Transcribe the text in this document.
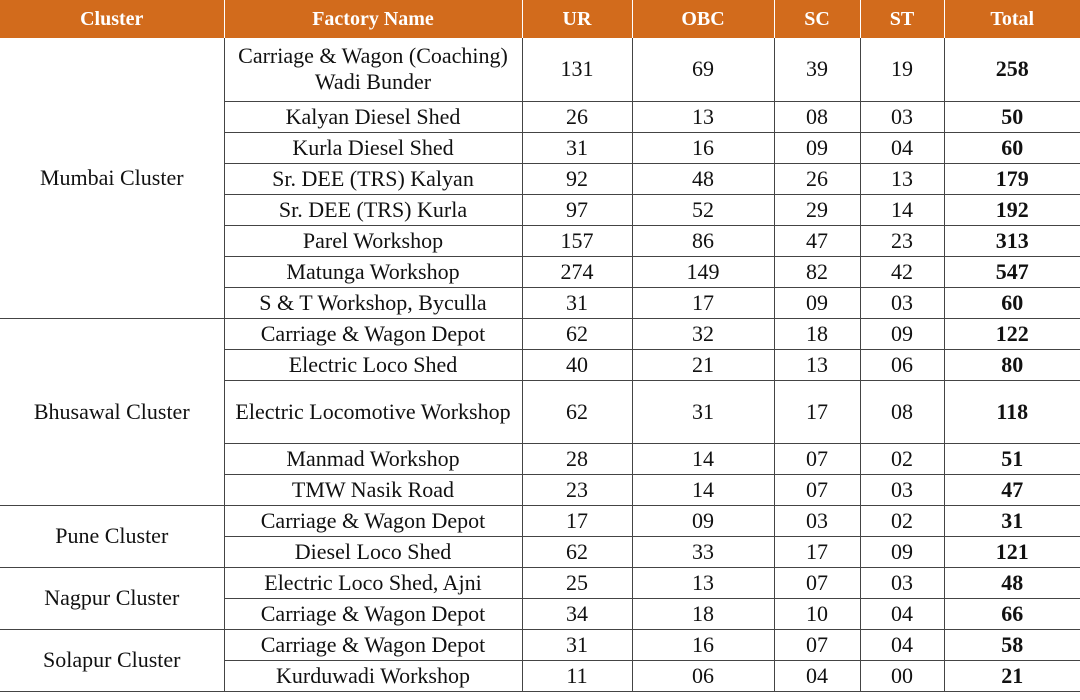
Cluster	Factory Name	UR	OBC	SC	ST	Total
Mumbai Cluster	Carriage & Wagon (Coaching) Wadi Bunder	131	69	39	19	258
	Kalyan Diesel Shed	26	13	08	03	50
	Kurla Diesel Shed	31	16	09	04	60
	Sr. DEE (TRS) Kalyan	92	48	26	13	179
	Sr. DEE (TRS) Kurla	97	52	29	14	192
	Parel Workshop	157	86	47	23	313
	Matunga Workshop	274	149	82	42	547
	S & T Workshop, Byculla	31	17	09	03	60
Bhusawal Cluster	Carriage & Wagon Depot	62	32	18	09	122
	Electric Loco Shed	40	21	13	06	80
	Electric Locomotive Workshop	62	31	17	08	118
	Manmad Workshop	28	14	07	02	51
	TMW Nasik Road	23	14	07	03	47
Pune Cluster	Carriage & Wagon Depot	17	09	03	02	31
	Diesel Loco Shed	62	33	17	09	121
Nagpur Cluster	Electric Loco Shed, Ajni	25	13	07	03	48
	Carriage & Wagon Depot	34	18	10	04	66
Solapur Cluster	Carriage & Wagon Depot	31	16	07	04	58
	Kurduwadi Workshop	11	06	04	00	21
